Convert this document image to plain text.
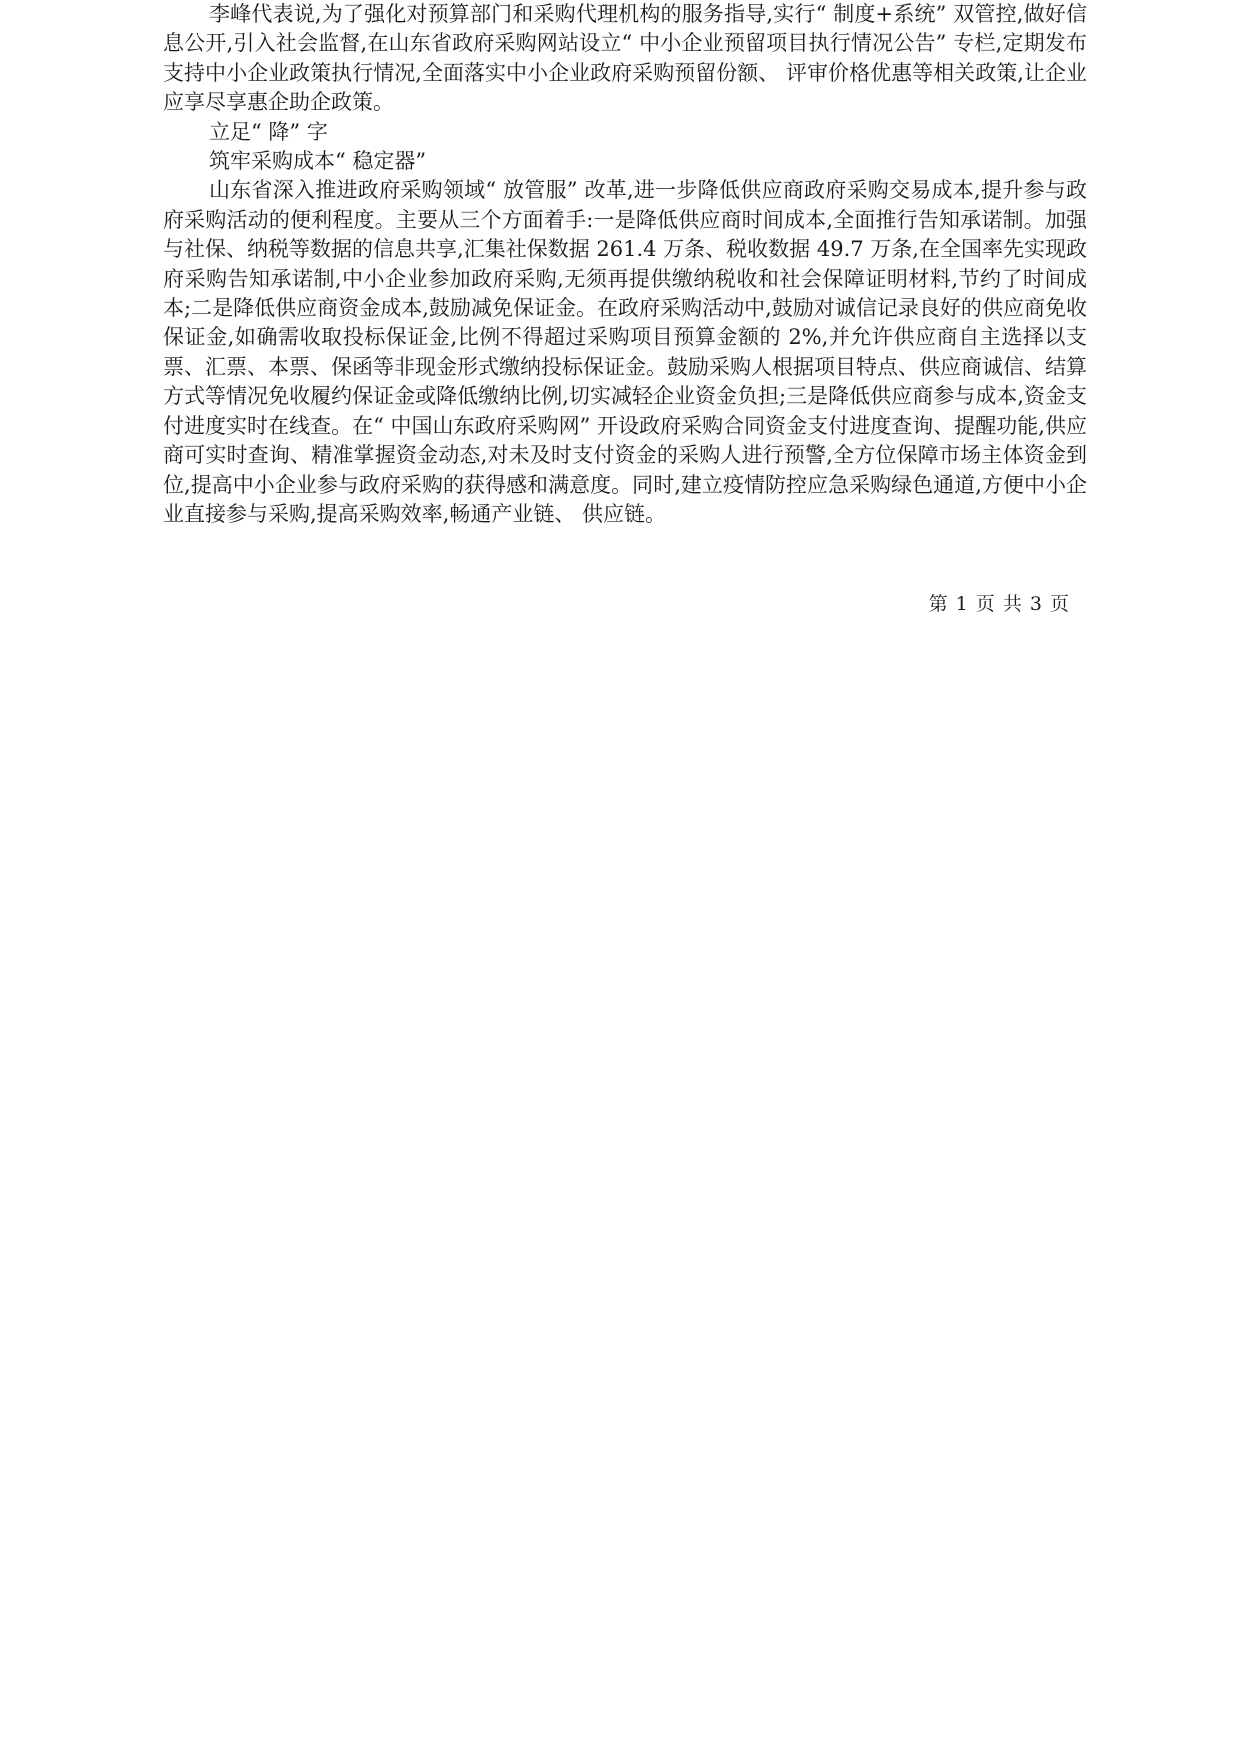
李峰代表说,为了强化对预算部门和采购代理机构的服务指导,实行“ 制度+系统” 双管控,做好信息公开,引入社会监督,在山东省政府采购网站设立“ 中小企业预留项目执行情况公告” 专栏,定期发布支持中小企业政策执行情况,全面落实中小企业政府采购预留份额、 评审价格优惠等相关政策,让企业应享尽享惠企助企政策。

立足“ 降” 字

筑牢采购成本“ 稳定器”

山东省深入推进政府采购领域“ 放管服” 改革,进一步降低供应商政府采购交易成本,提升参与政府采购活动的便利程度。主要从三个方面着手:一是降低供应商时间成本,全面推行告知承诺制。加强与社保、纳税等数据的信息共享,汇集社保数据 261.4 万条、税收数据 49.7 万条,在全国率先实现政府采购告知承诺制,中小企业参加政府采购,无须再提供缴纳税收和社会保障证明材料,节约了时间成本;二是降低供应商资金成本,鼓励减免保证金。在政府采购活动中,鼓励对诚信记录良好的供应商免收保证金,如确需收取投标保证金,比例不得超过采购项目预算金额的 2%,并允许供应商自主选择以支票、汇票、本票、保函等非现金形式缴纳投标保证金。鼓励采购人根据项目特点、供应商诚信、结算方式等情况免收履约保证金或降低缴纳比例,切实减轻企业资金负担;三是降低供应商参与成本,资金支付进度实时在线查。在“ 中国山东政府采购网” 开设政府采购合同资金支付进度查询、提醒功能,供应商可实时查询、精准掌握资金动态,对未及时支付资金的采购人进行预警,全方位保障市场主体资金到位,提高中小企业参与政府采购的获得感和满意度。同时,建立疫情防控应急采购绿色通道,方便中小企业直接参与采购,提高采购效率,畅通产业链、 供应链。

第 1 页 共 3 页
